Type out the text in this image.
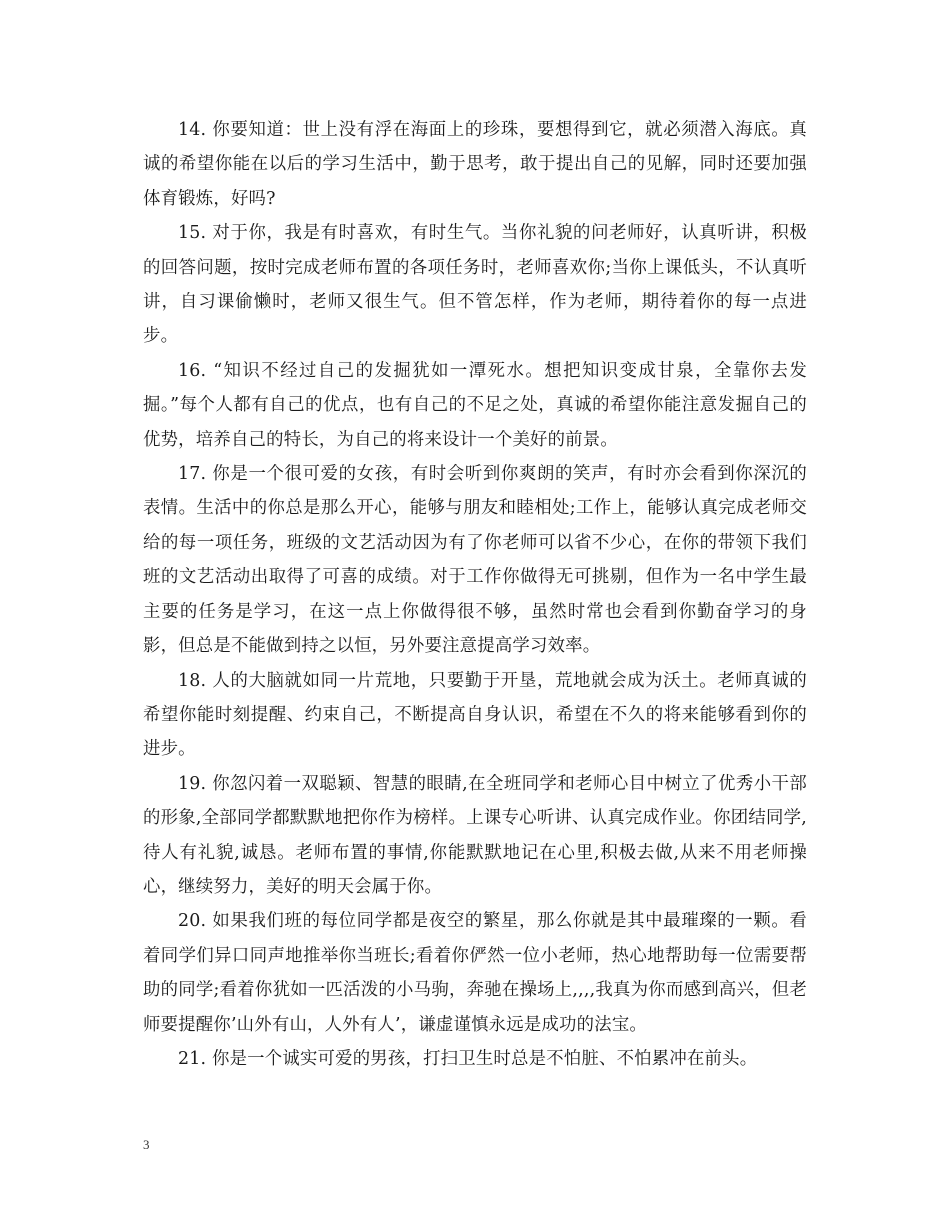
14. 你要知道：世上没有浮在海面上的珍珠，要想得到它，就必须潜入海底。真诚的希望你能在以后的学习生活中，勤于思考，敢于提出自己的见解，同时还要加强体育锻炼，好吗?

15. 对于你，我是有时喜欢，有时生气。当你礼貌的问老师好，认真听讲，积极的回答问题，按时完成老师布置的各项任务时，老师喜欢你;当你上课低头，不认真听讲，自习课偷懒时，老师又很生气。但不管怎样，作为老师，期待着你的每一点进步。

16. “知识不经过自己的发掘犹如一潭死水。想把知识变成甘泉，全靠你去发掘。”每个人都有自己的优点，也有自己的不足之处，真诚的希望你能注意发掘自己的优势，培养自己的特长，为自己的将来设计一个美好的前景。

17. 你是一个很可爱的女孩，有时会听到你爽朗的笑声，有时亦会看到你深沉的表情。生活中的你总是那么开心，能够与朋友和睦相处;工作上，能够认真完成老师交给的每一项任务，班级的文艺活动因为有了你老师可以省不少心，在你的带领下我们班的文艺活动出取得了可喜的成绩。对于工作你做得无可挑剔，但作为一名中学生最主要的任务是学习，在这一点上你做得很不够，虽然时常也会看到你勤奋学习的身影，但总是不能做到持之以恒，另外要注意提高学习效率。

18. 人的大脑就如同一片荒地，只要勤于开垦，荒地就会成为沃土。老师真诚的希望你能时刻提醒、约束自己，不断提高自身认识，希望在不久的将来能够看到你的进步。

19. 你忽闪着一双聪颖、智慧的眼睛,在全班同学和老师心目中树立了优秀小干部的形象,全部同学都默默地把你作为榜样。上课专心听讲、认真完成作业。你团结同学,待人有礼貌,诚恳。老师布置的事情,你能默默地记在心里,积极去做,从来不用老师操心，继续努力，美好的明天会属于你。

20. 如果我们班的每位同学都是夜空的繁星，那么你就是其中最璀璨的一颗。看着同学们异口同声地推举你当班长;看着你俨然一位小老师，热心地帮助每一位需要帮助的同学;看着你犹如一匹活泼的小马驹，奔驰在操场上,,,,我真为你而感到高兴，但老师要提醒你’山外有山，人外有人’，谦虚谨慎永远是成功的法宝。

21. 你是一个诚实可爱的男孩，打扫卫生时总是不怕脏、不怕累冲在前头。

3
